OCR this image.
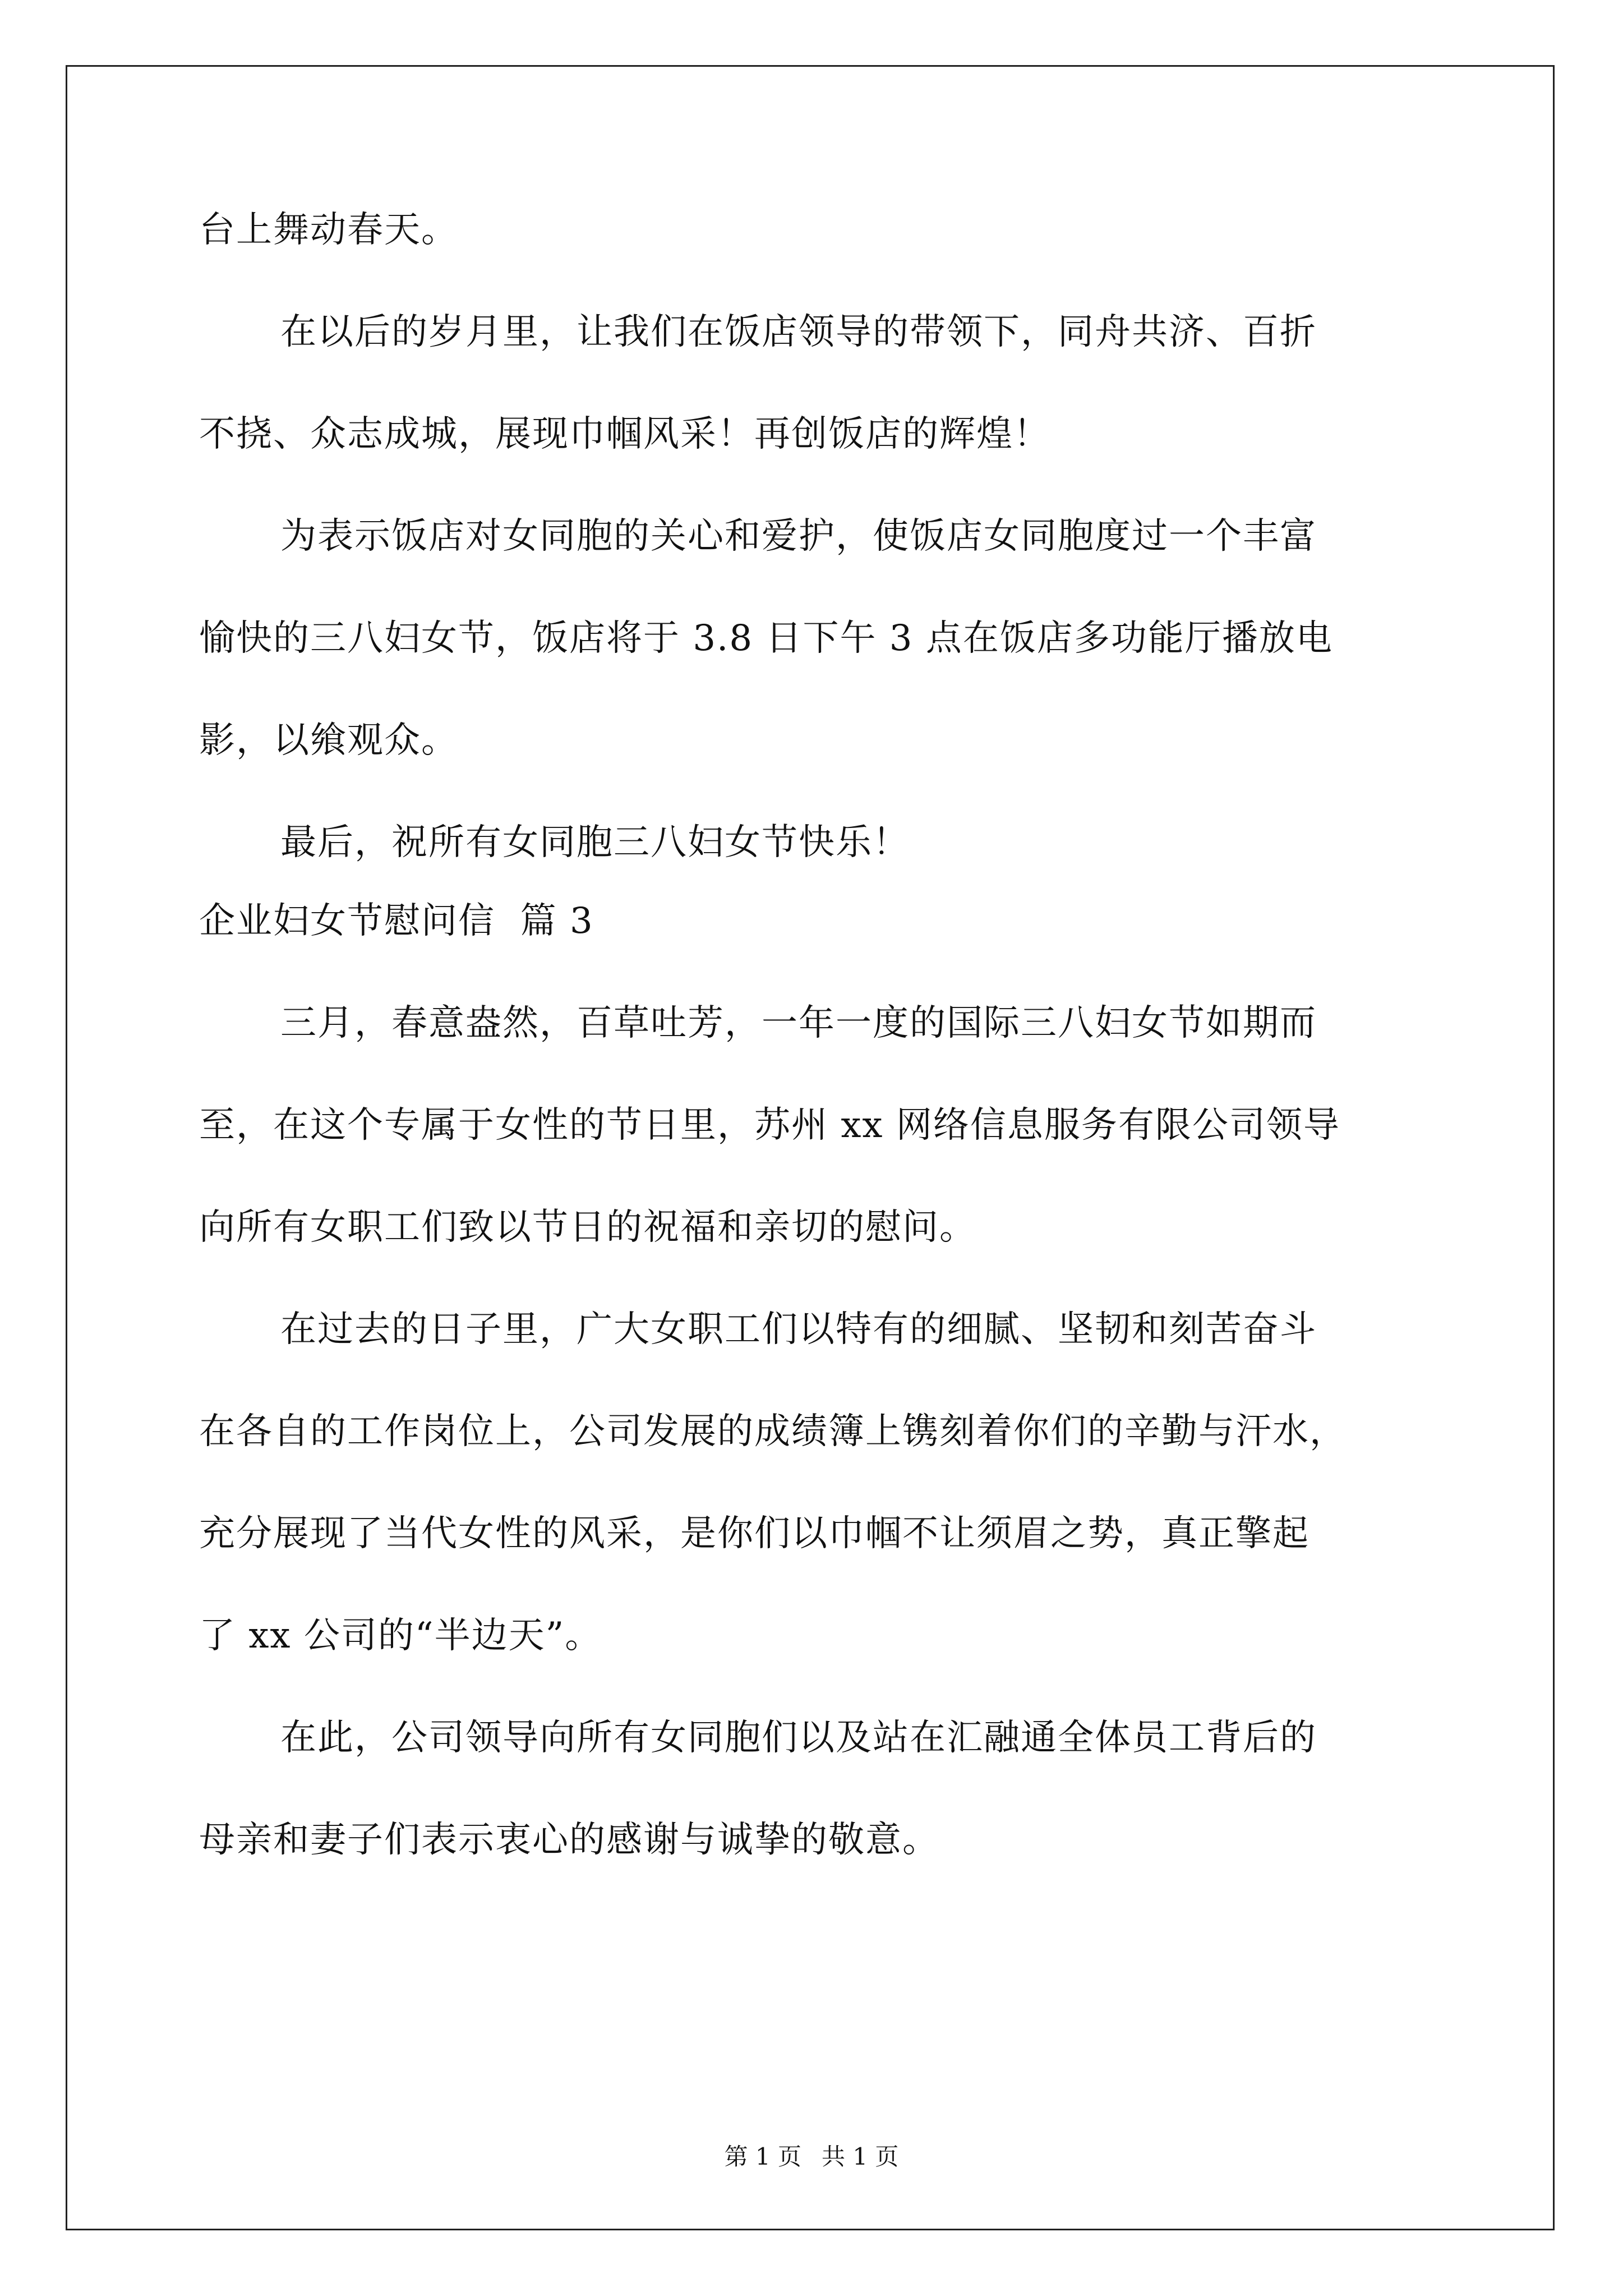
台上舞动春天。
在以后的岁月里，让我们在饭店领导的带领下，同舟共济、百折
不挠、众志成城，展现巾帼风采！再创饭店的辉煌！
为表示饭店对女同胞的关心和爱护，使饭店女同胞度过一个丰富
愉快的三八妇女节，饭店将于 3.8 日下午 3 点在饭店多功能厅播放电
影，以飨观众。
最后，祝所有女同胞三八妇女节快乐！
企业妇女节慰问信  篇 3
三月，春意盎然，百草吐芳，一年一度的国际三八妇女节如期而
至，在这个专属于女性的节日里，苏州 xx 网络信息服务有限公司领导
向所有女职工们致以节日的祝福和亲切的慰问。
在过去的日子里，广大女职工们以特有的细腻、坚韧和刻苦奋斗
在各自的工作岗位上，公司发展的成绩簿上镌刻着你们的辛勤与汗水，
充分展现了当代女性的风采，是你们以巾帼不让须眉之势，真正擎起
了 xx 公司的“半边天”。
在此，公司领导向所有女同胞们以及站在汇融通全体员工背后的
母亲和妻子们表示衷心的感谢与诚挚的敬意。
第 1 页 共 1 页
